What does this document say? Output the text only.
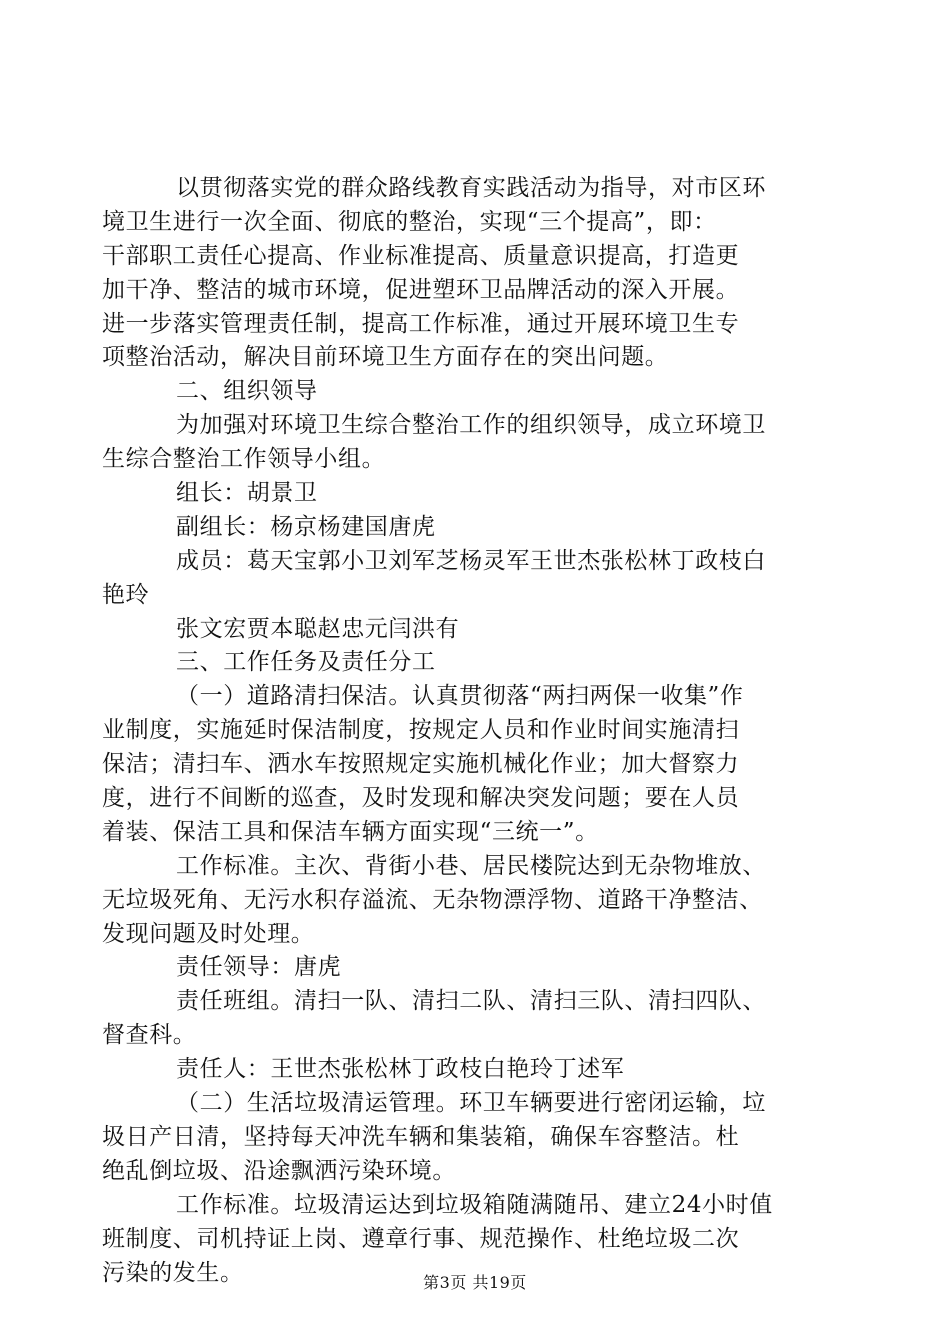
以贯彻落实党的群众路线教育实践活动为指导，对市区环
境卫生进行一次全面、彻底的整治，实现“三个提高”，即：
干部职工责任心提高、作业标准提高、质量意识提高，打造更
加干净、整洁的城市环境，促进塑环卫品牌活动的深入开展。
进一步落实管理责任制，提高工作标准，通过开展环境卫生专
项整治活动，解决目前环境卫生方面存在的突出问题。
二、组织领导
为加强对环境卫生综合整治工作的组织领导，成立环境卫
生综合整治工作领导小组。
组长：胡景卫
副组长：杨京杨建国唐虎
成员：葛天宝郭小卫刘军芝杨灵军王世杰张松林丁政枝白
艳玲
张文宏贾本聪赵忠元闫洪有
三、工作任务及责任分工
（一）道路清扫保洁。认真贯彻落“两扫两保一收集”作
业制度，实施延时保洁制度，按规定人员和作业时间实施清扫
保洁；清扫车、洒水车按照规定实施机械化作业；加大督察力
度，进行不间断的巡查，及时发现和解决突发问题；要在人员
着装、保洁工具和保洁车辆方面实现“三统一”。
工作标准。主次、背街小巷、居民楼院达到无杂物堆放、
无垃圾死角、无污水积存溢流、无杂物漂浮物、道路干净整洁、
发现问题及时处理。
责任领导：唐虎
责任班组。清扫一队、清扫二队、清扫三队、清扫四队、
督查科。
责任人：王世杰张松林丁政枝白艳玲丁述军
（二）生活垃圾清运管理。环卫车辆要进行密闭运输，垃
圾日产日清，坚持每天冲洗车辆和集装箱，确保车容整洁。杜
绝乱倒垃圾、沿途飘洒污染环境。
工作标准。垃圾清运达到垃圾箱随满随吊、建立24小时值
班制度、司机持证上岗、遵章行事、规范操作、杜绝垃圾二次
污染的发生。	第3页 共19页
